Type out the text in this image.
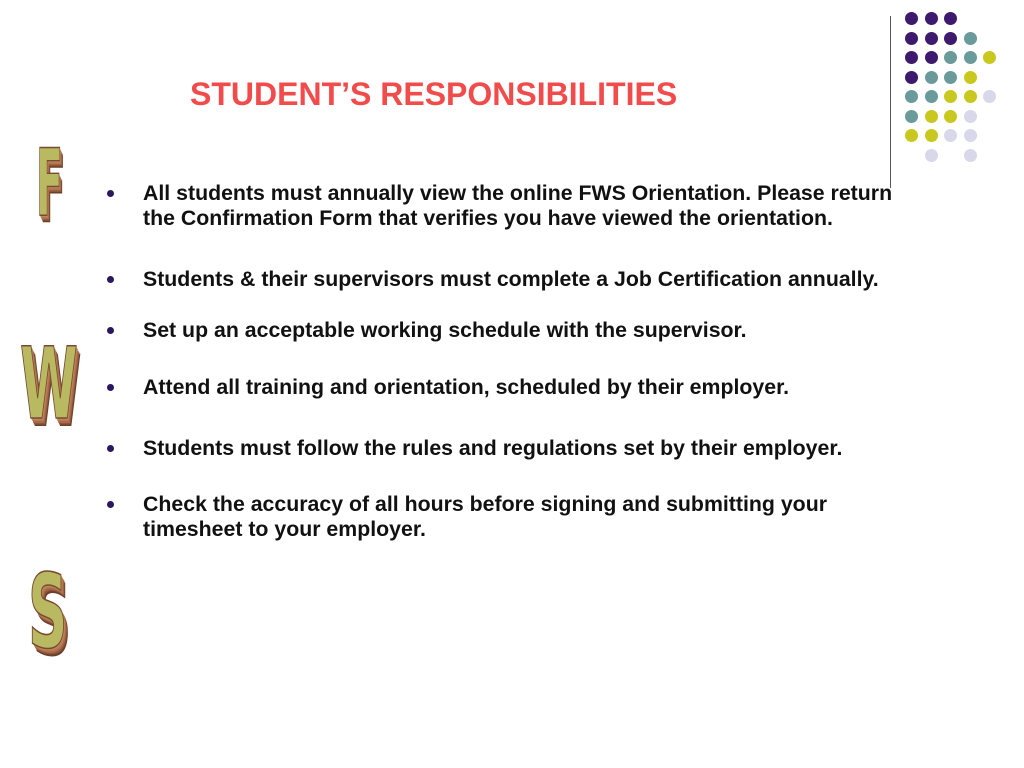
STUDENT’S RESPONSIBILITIES
F
W
S
All students must annually view the online FWS Orientation. Please return the Confirmation Form that verifies you have viewed the orientation.
Students & their supervisors must complete a Job Certification annually.
Set up an acceptable working schedule with the supervisor.
Attend all training and orientation, scheduled by their employer.
Students must follow the rules and regulations set by their employer.
Check the accuracy of all hours before signing and submitting your timesheet to your employer.
